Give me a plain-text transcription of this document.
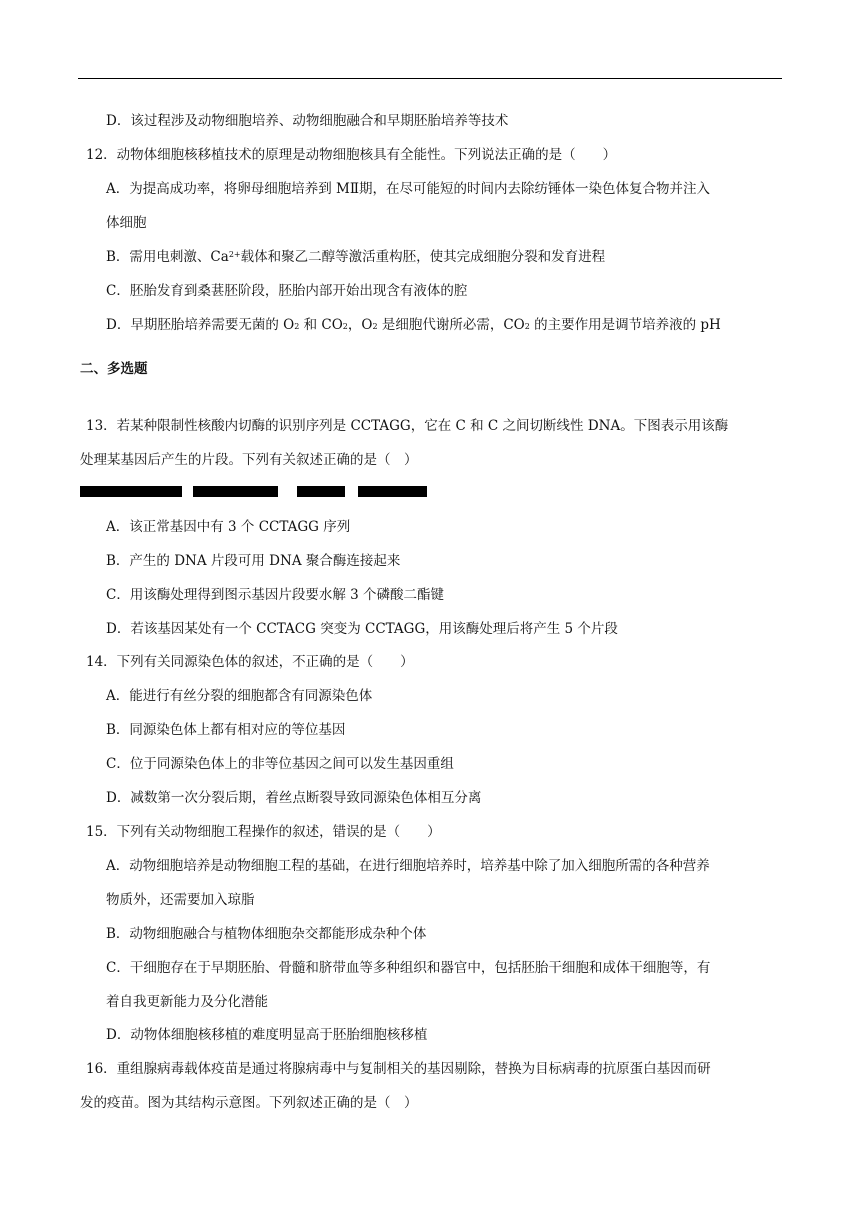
D．该过程涉及动物细胞培养、动物细胞融合和早期胚胎培养等技术
12．动物体细胞核移植技术的原理是动物细胞核具有全能性。下列说法正确的是（　　）
A．为提高成功率，将卵母细胞培养到 MⅡ期，在尽可能短的时间内去除纺锤体一染色体复合物并注入
体细胞
B．需用电刺激、$Ca^{2+}$载体和聚乙二醇等激活重构胚，使其完成细胞分裂和发育进程
C．胚胎发育到桑葚胚阶段，胚胎内部开始出现含有液体的腔
D．早期胚胎培养需要无菌的 $O_2$ 和 $CO_2$，$O_2$ 是细胞代谢所必需，$CO_2$ 的主要作用是调节培养液的 pH
二、多选题
13．若某种限制性核酸内切酶的识别序列是 CCTAGG，它在 C 和 C 之间切断线性 DNA。下图表示用该酶
处理某基因后产生的片段。下列有关叙述正确的是（　）
A．该正常基因中有 3 个 CCTAGG 序列
B．产生的 DNA 片段可用 DNA 聚合酶连接起来
C．用该酶处理得到图示基因片段要水解 3 个磷酸二酯键
D．若该基因某处有一个 CCTACG 突变为 CCTAGG，用该酶处理后将产生 5 个片段
14．下列有关同源染色体的叙述，不正确的是（　　）
A．能进行有丝分裂的细胞都含有同源染色体
B．同源染色体上都有相对应的等位基因
C．位于同源染色体上的非等位基因之间可以发生基因重组
D．减数第一次分裂后期，着丝点断裂导致同源染色体相互分离
15．下列有关动物细胞工程操作的叙述，错误的是（　　）
A．动物细胞培养是动物细胞工程的基础，在进行细胞培养时，培养基中除了加入细胞所需的各种营养
物质外，还需要加入琼脂
B．动物细胞融合与植物体细胞杂交都能形成杂种个体
C．干细胞存在于早期胚胎、骨髓和脐带血等多种组织和器官中，包括胚胎干细胞和成体干细胞等，有
着自我更新能力及分化潜能
D．动物体细胞核移植的难度明显高于胚胎细胞核移植
16．重组腺病毒载体疫苗是通过将腺病毒中与复制相关的基因剔除，替换为目标病毒的抗原蛋白基因而研
发的疫苗。图为其结构示意图。下列叙述正确的是（　）
